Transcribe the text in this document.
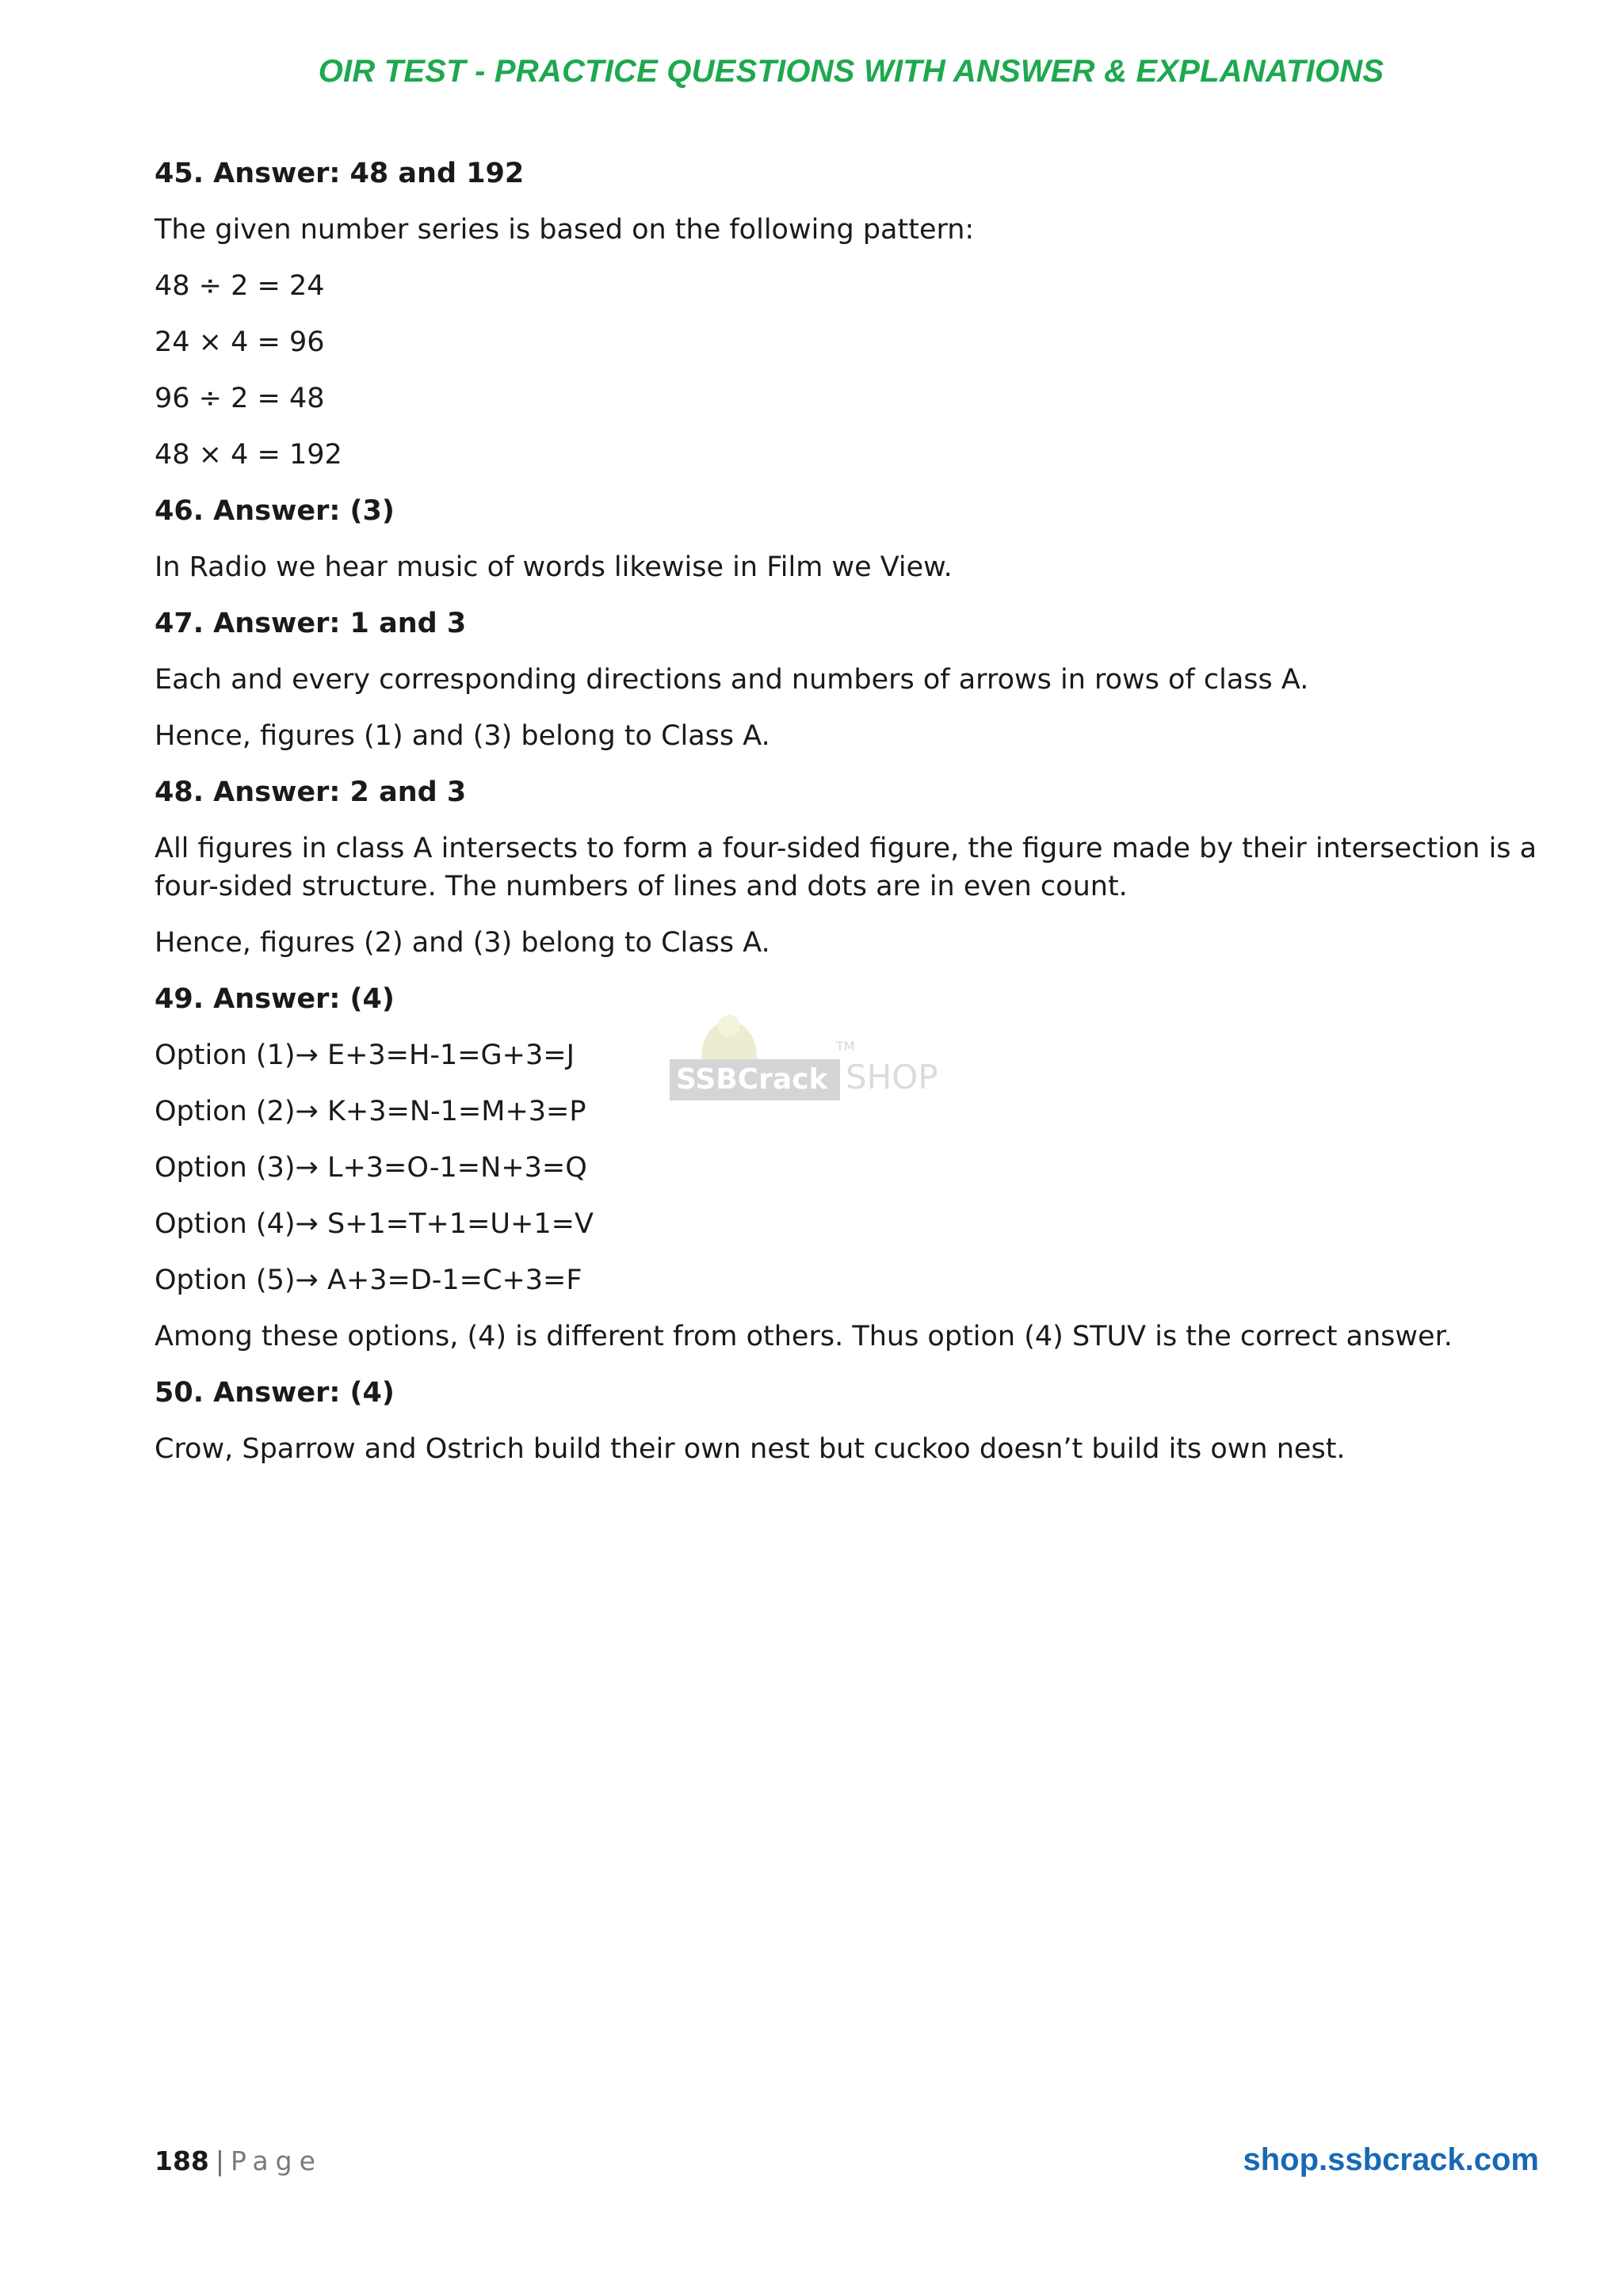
OIR TEST - PRACTICE QUESTIONS WITH ANSWER & EXPLANATIONS
45. Answer: 48 and 192
The given number series is based on the following pattern:
48 ÷ 2 = 24
24 × 4 = 96
96 ÷ 2 = 48
48 × 4 = 192
46. Answer: (3)
In Radio we hear music of words likewise in Film we View.
47. Answer: 1 and 3
Each and every corresponding directions and numbers of arrows in rows of class A.
Hence, figures (1) and (3) belong to Class A.
48. Answer: 2 and 3
All figures in class A intersects to form a four-sided figure, the figure made by their intersection is a four-sided structure. The numbers of lines and dots are in even count.
Hence, figures (2) and (3) belong to Class A.
49. Answer: (4)
Option (1)→ E+3=H-1=G+3=J
Option (2)→ K+3=N-1=M+3=P
Option (3)→ L+3=O-1=N+3=Q
Option (4)→ S+1=T+1=U+1=V
Option (5)→ A+3=D-1=C+3=F
Among these options, (4) is different from others. Thus option (4) STUV is the correct answer.
50. Answer: (4)
Crow, Sparrow and Ostrich build their own nest but cuckoo doesn’t build its own nest.
TM
SSBCrack SHOP
188 | Page	shop.ssbcrack.com
